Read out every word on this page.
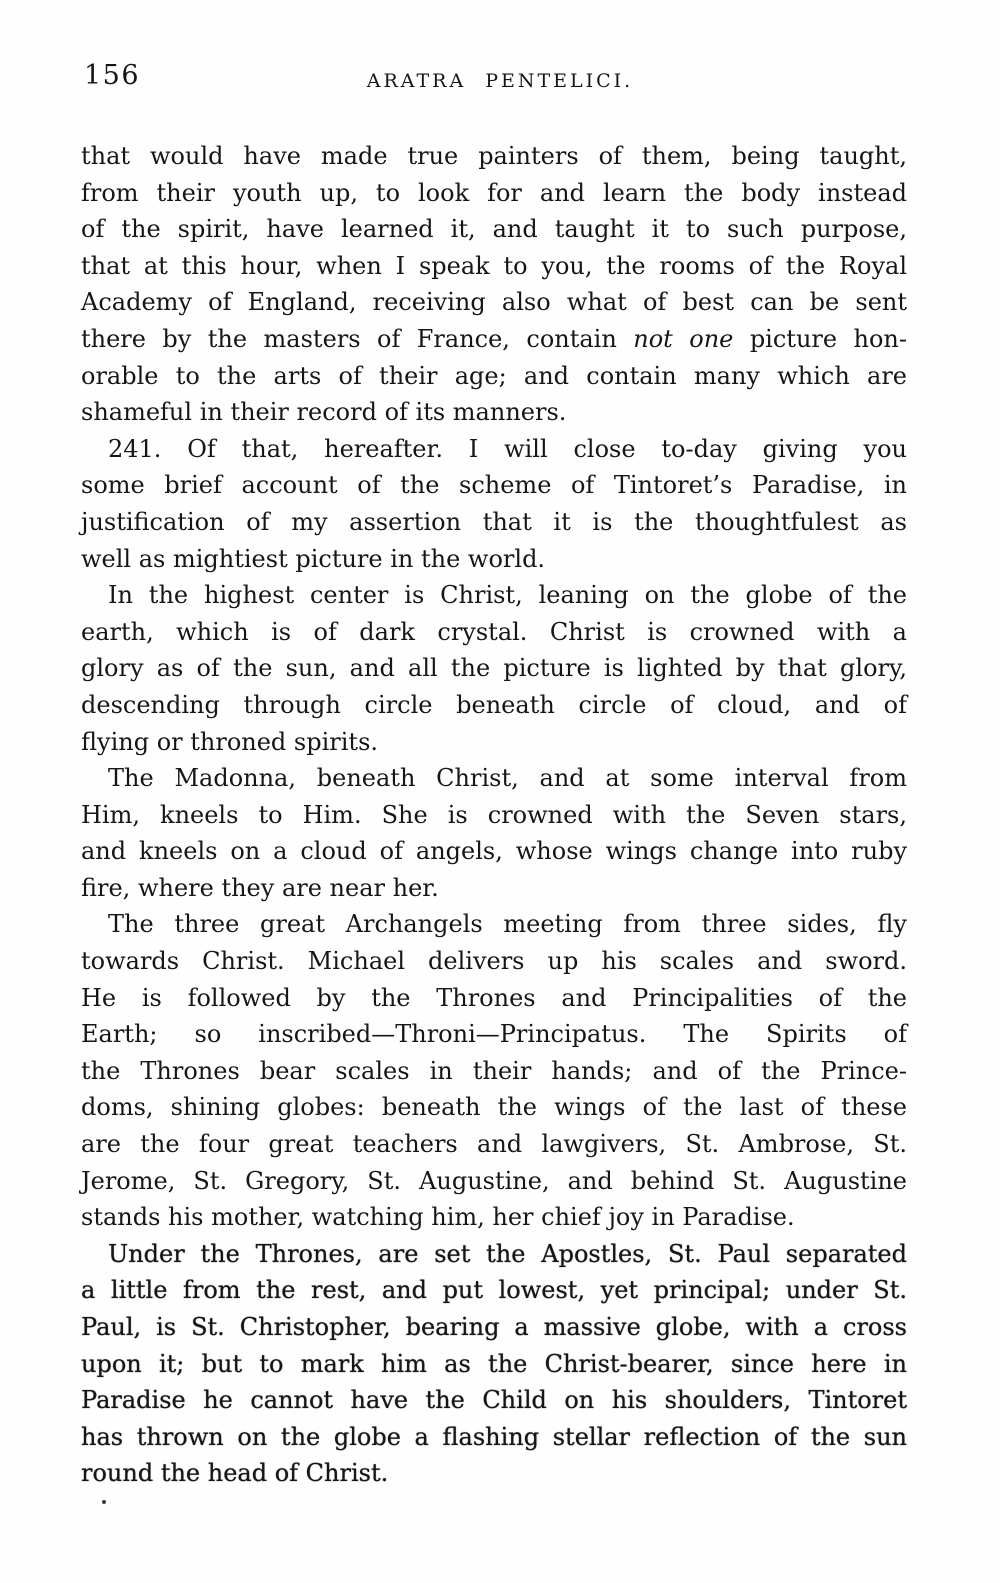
156	ARATRA PENTELICI.
that would have made true painters of them, being taught,
from their youth up, to look for and learn the body instead
of the spirit, have learned it, and taught it to such purpose,
that at this hour, when I speak to you, the rooms of the Royal
Academy of England, receiving also what of best can be sent
there by the masters of France, contain not one picture hon-
orable to the arts of their age; and contain many which are
shameful in their record of its manners.
241. Of that, hereafter. I will close to-day giving you
some brief account of the scheme of Tintoret’s Paradise, in
justification of my assertion that it is the thoughtfulest as
well as mightiest picture in the world.
In the highest center is Christ, leaning on the globe of the
earth, which is of dark crystal. Christ is crowned with a
glory as of the sun, and all the picture is lighted by that glory,
descending through circle beneath circle of cloud, and of
flying or throned spirits.
The Madonna, beneath Christ, and at some interval from
Him, kneels to Him. She is crowned with the Seven stars,
and kneels on a cloud of angels, whose wings change into ruby
fire, where they are near her.
The three great Archangels meeting from three sides, fly
towards Christ. Michael delivers up his scales and sword.
He is followed by the Thrones and Principalities of the
Earth; so inscribed—Throni—Principatus. The Spirits of
the Thrones bear scales in their hands; and of the Prince-
doms, shining globes: beneath the wings of the last of these
are the four great teachers and lawgivers, St. Ambrose, St.
Jerome, St. Gregory, St. Augustine, and behind St. Augustine
stands his mother, watching him, her chief joy in Paradise.
Under the Thrones, are set the Apostles, St. Paul separated
a little from the rest, and put lowest, yet principal; under St.
Paul, is St. Christopher, bearing a massive globe, with a cross
upon it; but to mark him as the Christ-bearer, since here in
Paradise he cannot have the Child on his shoulders, Tintoret
has thrown on the globe a flashing stellar reflection of the sun
round the head of Christ.
